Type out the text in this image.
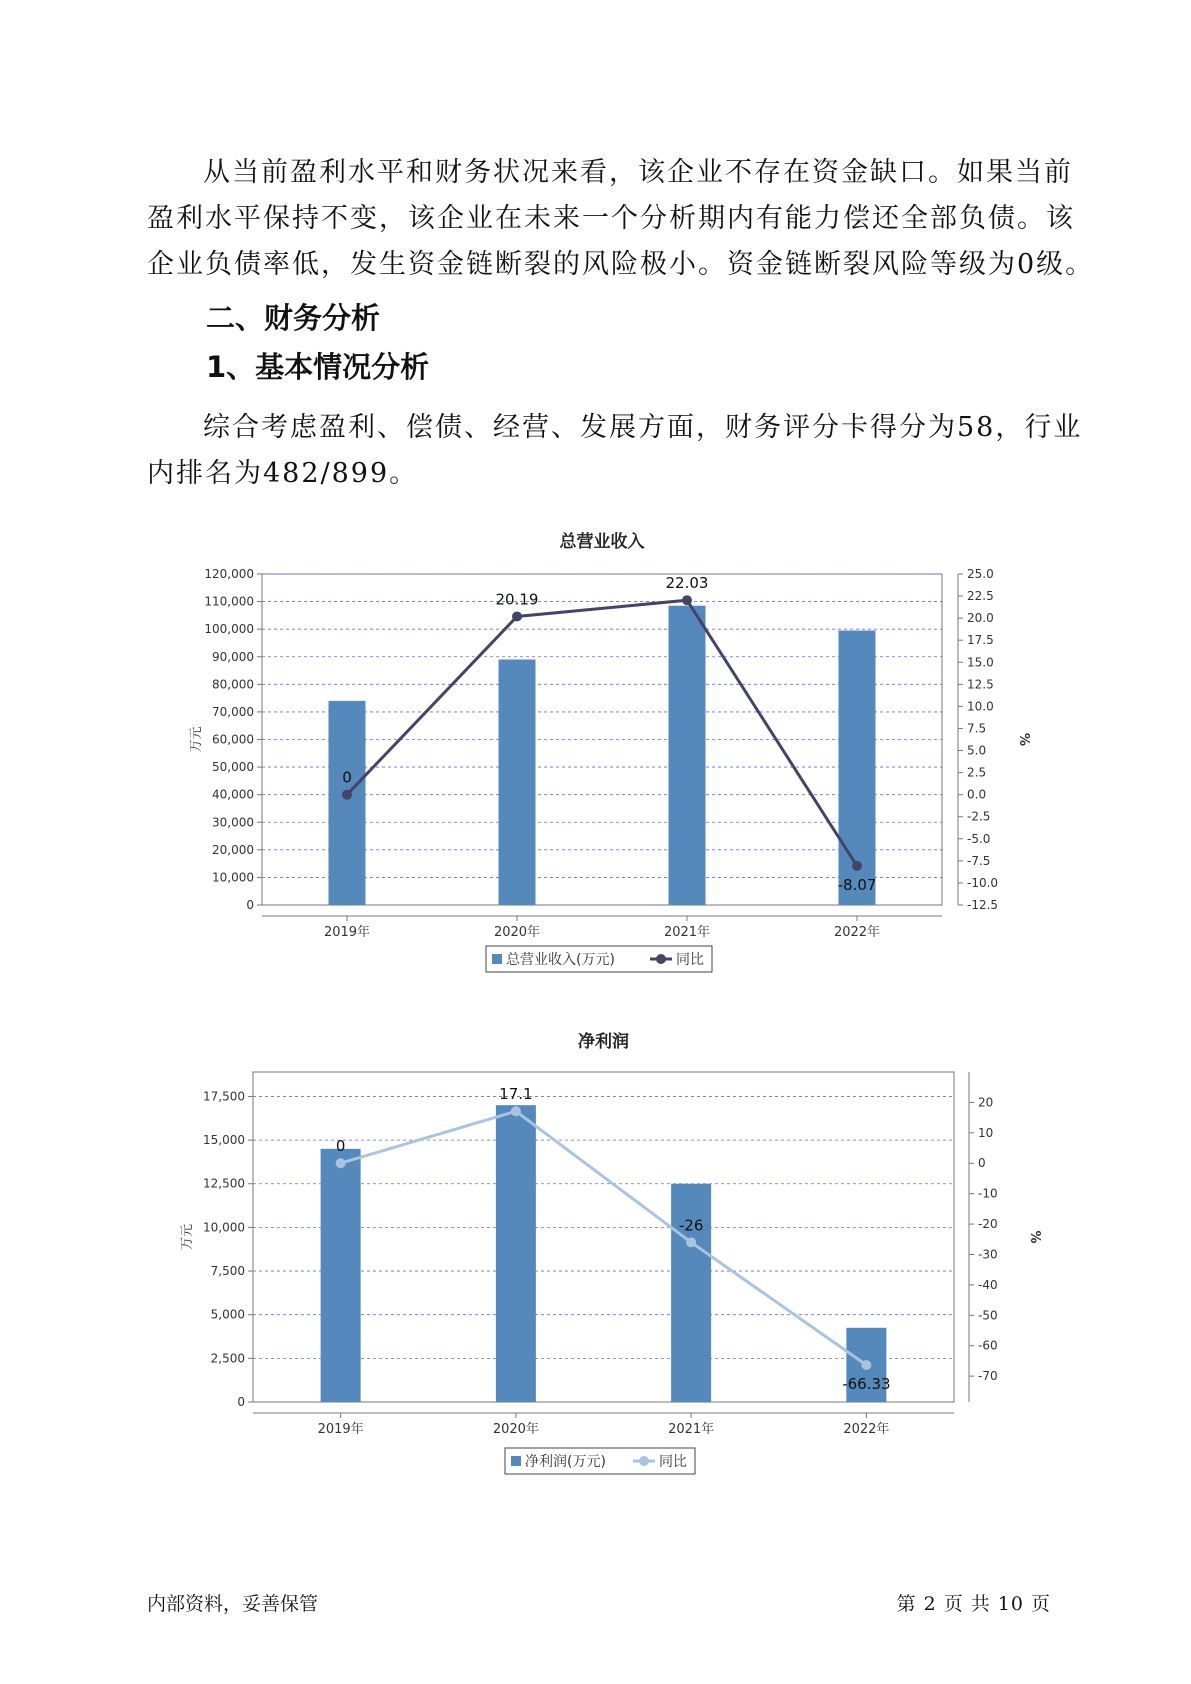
从当前盈利水平和财务状况来看，该企业不存在资金缺口。如果当前
盈利水平保持不变，该企业在未来一个分析期内有能力偿还全部负债。该
企业负债率低，发生资金链断裂的风险极小。资金链断裂风险等级为0级。
二、财务分析
1、基本情况分析
综合考虑盈利、偿债、经营、发展方面，财务评分卡得分为58，行业
内排名为482/899。
总营业收入
0
10,000
20,000
30,000
40,000
50,000
60,000
70,000
80,000
90,000
100,000
110,000
120,000
-12.5
-10.0
-7.5
-5.0
-2.5
0.0
2.5
5.0
7.5
10.0
12.5
15.0
17.5
20.0
22.5
25.0
万元	%
2019年	2020年	2021年	2022年
0
20.19
22.03
-8.07
总营业收入(万元)	同比
净利润
0
2,500
5,000
7,500
10,000
12,500
15,000
17,500
-70
-60
-50
-40
-30
-20
-10
0
10
20
万元	%
2019年	2020年	2021年	2022年
0
17.1
-26
-66.33
净利润(万元)	同比
内部资料，妥善保管	第 2 页 共 10 页
